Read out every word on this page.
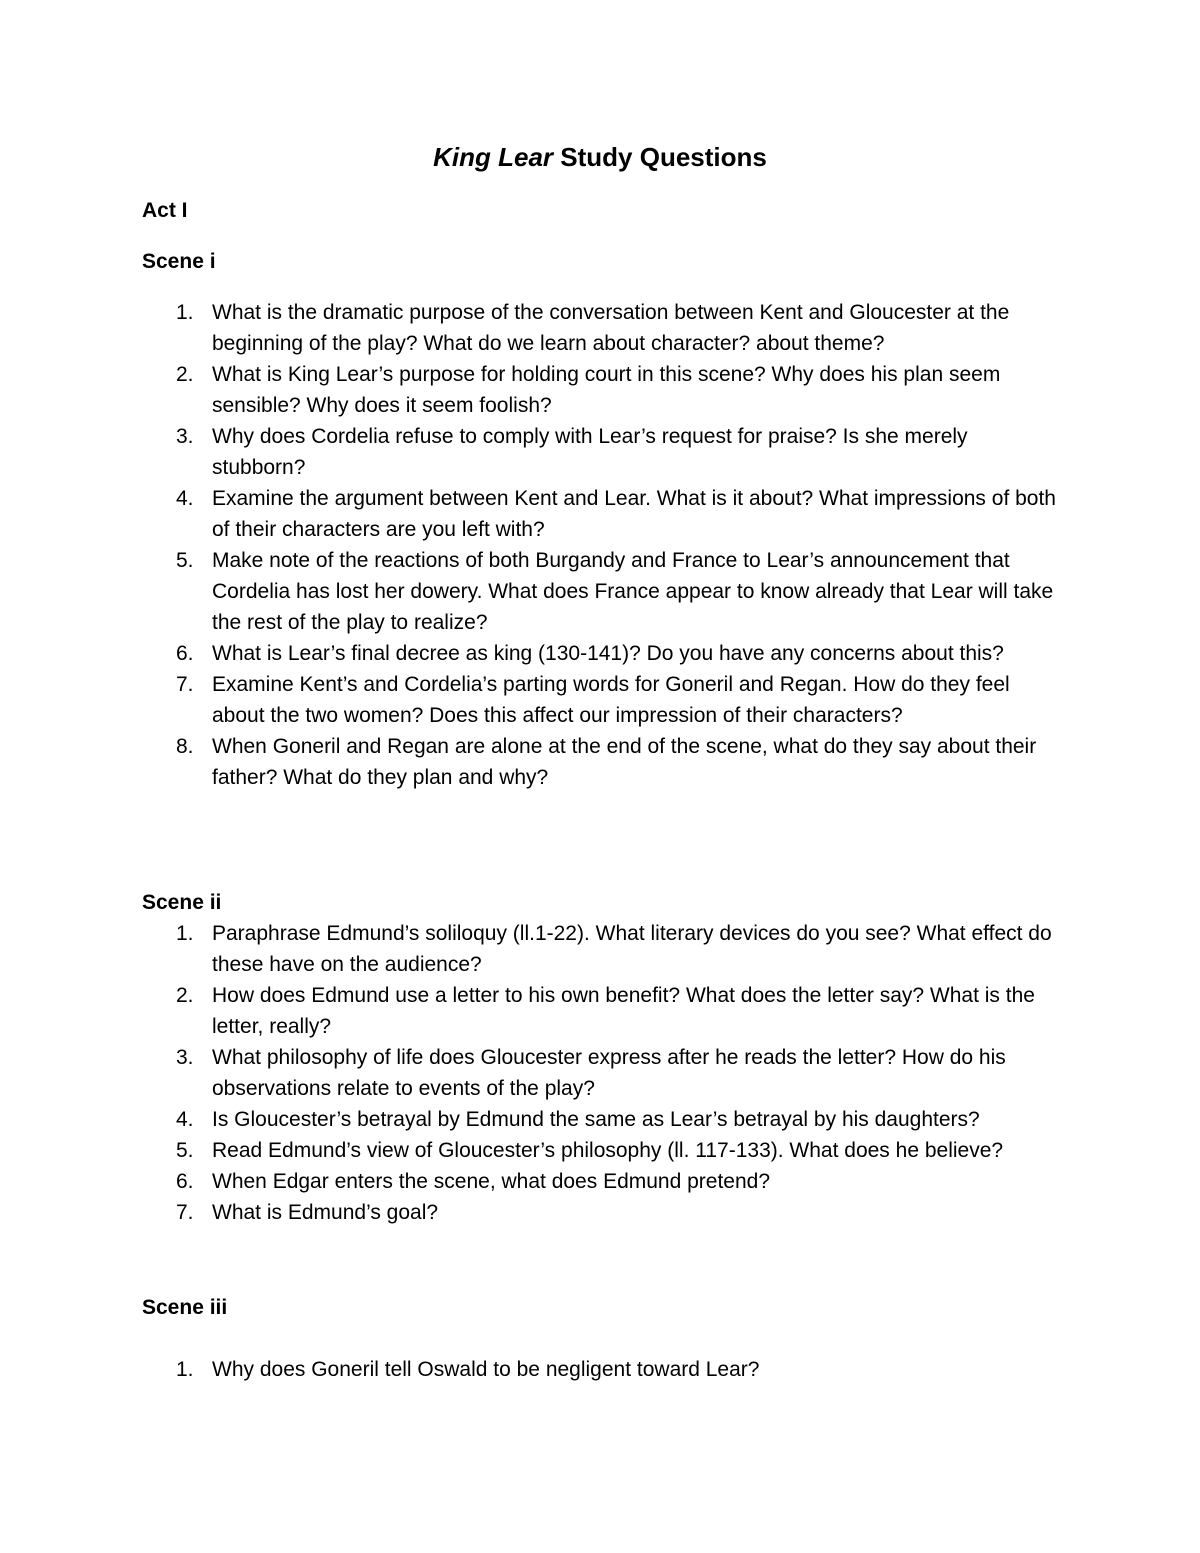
King Lear Study Questions
Act I
Scene i
1. What is the dramatic purpose of the conversation between Kent and Gloucester at the beginning of the play? What do we learn about character? about theme?
2. What is King Lear’s purpose for holding court in this scene? Why does his plan seem sensible? Why does it seem foolish?
3. Why does Cordelia refuse to comply with Lear’s request for praise? Is she merely stubborn?
4. Examine the argument between Kent and Lear. What is it about? What impressions of both of their characters are you left with?
5. Make note of the reactions of both Burgandy and France to Lear’s announcement that Cordelia has lost her dowery. What does France appear to know already that Lear will take the rest of the play to realize?
6. What is Lear’s final decree as king (130-141)? Do you have any concerns about this?
7. Examine Kent’s and Cordelia’s parting words for Goneril and Regan. How do they feel about the two women? Does this affect our impression of their characters?
8. When Goneril and Regan are alone at the end of the scene, what do they say about their father? What do they plan and why?
Scene ii
1. Paraphrase Edmund’s soliloquy (ll.1-22). What literary devices do you see? What effect do these have on the audience?
2. How does Edmund use a letter to his own benefit? What does the letter say? What is the letter, really?
3. What philosophy of life does Gloucester express after he reads the letter? How do his observations relate to events of the play?
4. Is Gloucester’s betrayal by Edmund the same as Lear’s betrayal by his daughters?
5. Read Edmund’s view of Gloucester’s philosophy (ll. 117-133). What does he believe?
6. When Edgar enters the scene, what does Edmund pretend?
7. What is Edmund’s goal?
Scene iii
1. Why does Goneril tell Oswald to be negligent toward Lear?
